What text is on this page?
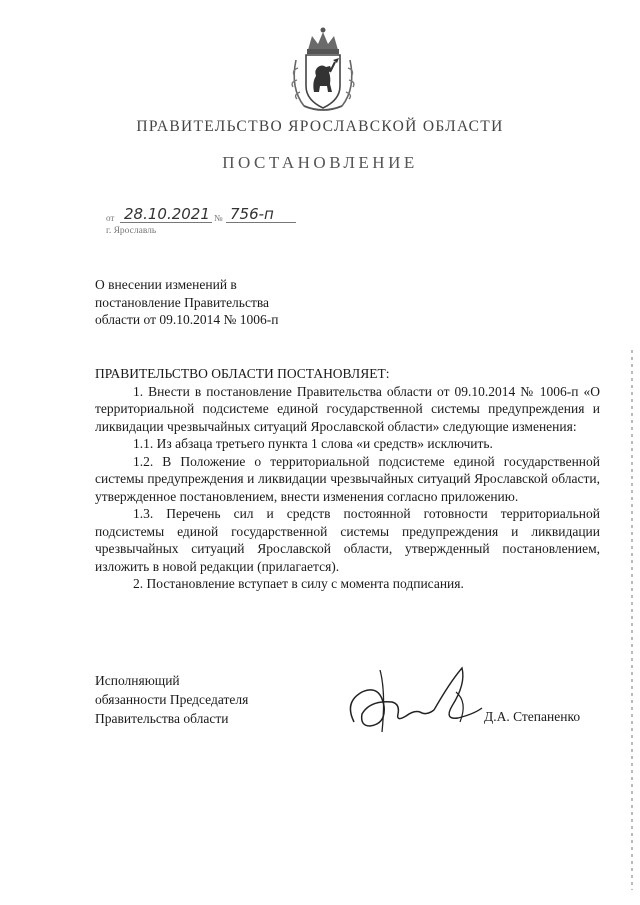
ПРАВИТЕЛЬСТВО ЯРОСЛАВСКОЙ ОБЛАСТИ
ПОСТАНОВЛЕНИЕ
от 28.10.2021 № 756-п
г. Ярославль
О внесении изменений в
постановление Правительства
области от 09.10.2014 № 1006-п

ПРАВИТЕЛЬСТВО ОБЛАСТИ ПОСТАНОВЛЯЕТ:

1. Внести в постановление Правительства области от 09.10.2014 № 1006-п «О территориальной подсистеме единой государственной системы предупреждения и ликвидации чрезвычайных ситуаций Ярославской области» следующие изменения:

1.1. Из абзаца третьего пункта 1 слова «и средств» исключить.

1.2. В Положение о территориальной подсистеме единой государственной системы предупреждения и ликвидации чрезвычайных ситуаций Ярославской области, утвержденное постановлением, внести изменения согласно приложению.

1.3. Перечень сил и средств постоянной готовности территориальной подсистемы единой государственной системы предупреждения и ликвидации чрезвычайных ситуаций Ярославской области, утвержденный постановлением, изложить в новой редакции (прилагается).

2. Постановление вступает в силу с момента подписания.

Исполняющий
обязанности Председателя
Правительства области	Д.А. Степаненко
